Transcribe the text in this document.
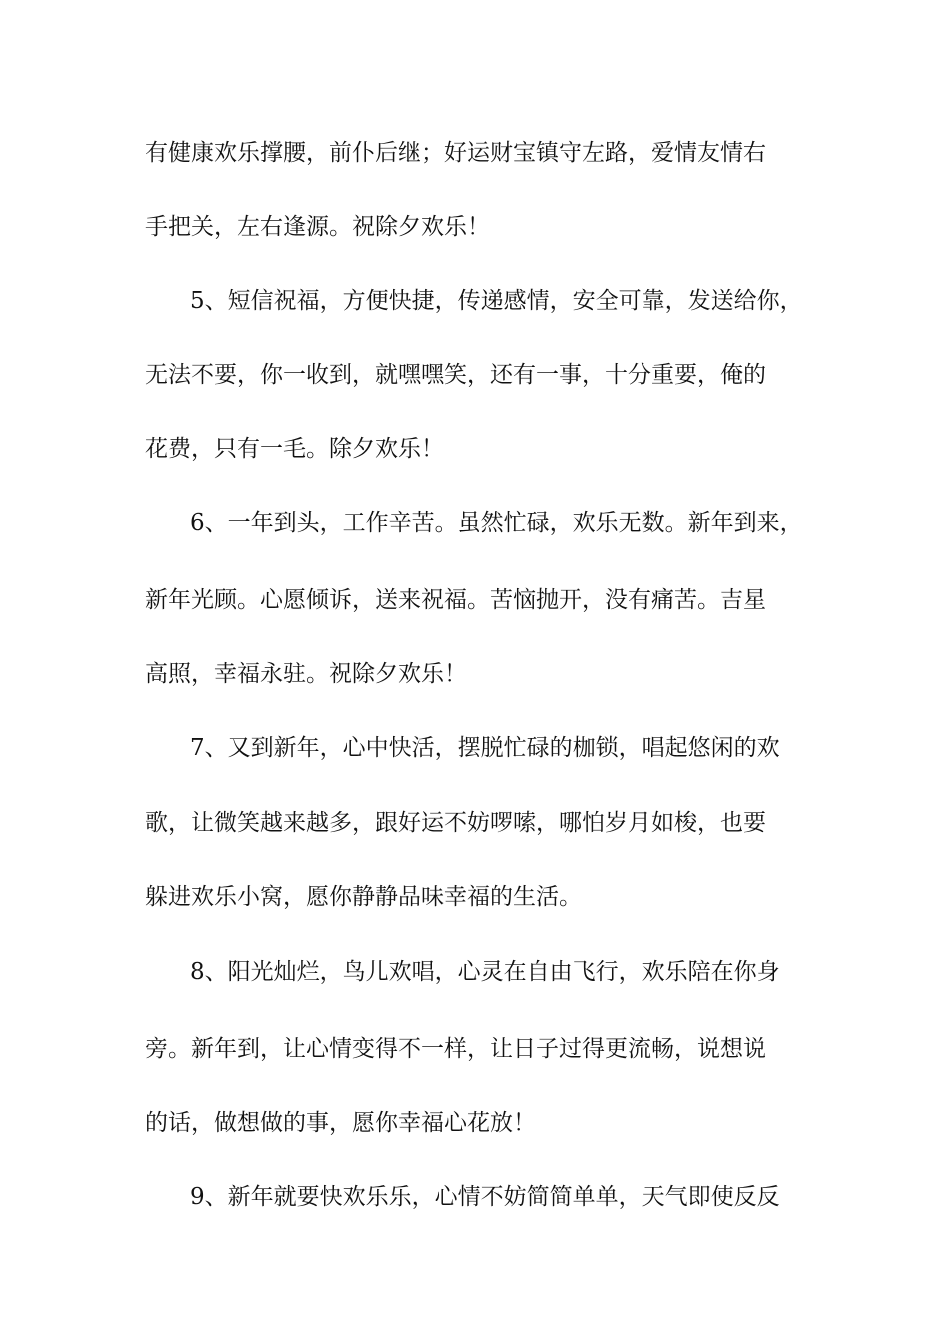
有健康欢乐撑腰，前仆后继；好运财宝镇守左路，爱情友情右
手把关，左右逢源。祝除夕欢乐！
5、短信祝福，方便快捷，传递感情，安全可靠，发送给你，
无法不要，你一收到，就嘿嘿笑，还有一事，十分重要，俺的
花费，只有一毛。除夕欢乐！
6、一年到头，工作辛苦。虽然忙碌，欢乐无数。新年到来，
新年光顾。心愿倾诉，送来祝福。苦恼抛开，没有痛苦。吉星
高照，幸福永驻。祝除夕欢乐！
7、又到新年，心中快活，摆脱忙碌的枷锁，唱起悠闲的欢
歌，让微笑越来越多，跟好运不妨啰嗦，哪怕岁月如梭，也要
躲进欢乐小窝，愿你静静品味幸福的生活。
8、阳光灿烂，鸟儿欢唱，心灵在自由飞行，欢乐陪在你身
旁。新年到，让心情变得不一样，让日子过得更流畅，说想说
的话，做想做的事，愿你幸福心花放！
9、新年就要快欢乐乐，心情不妨简简单单，天气即使反反
